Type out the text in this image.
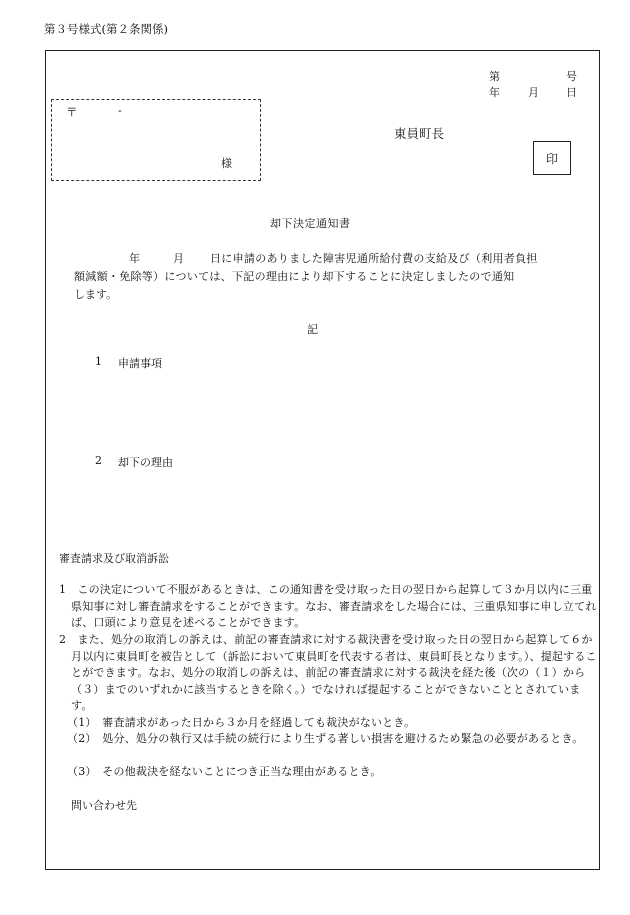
第３号様式(第２条関係)
第	号
年	月 日
〒	-
様
東員町長
印
却下決定通知書
年	月 日に申請のありました障害児通所給付費の支給及び（利用者負担
額減額・免除等）については、下記の理由により却下することに決定しましたので通知
します。
記
1 申請事項
2 却下の理由
審査請求及び取消訴訟
1　この決定について不服があるときは、この通知書を受け取った日の翌日から起算して３か月以内に三重県知事に対し審査請求をすることができます。なお、審査請求をした場合には、三重県知事に申し立てれば、口頭により意見を述べることができます。
2　また、処分の取消しの訴えは、前記の審査請求に対する裁決書を受け取った日の翌日から起算して６か月以内に東員町を被告として（訴訟において東員町を代表する者は、東員町長となります。）、提起することができます。なお、処分の取消しの訴えは、前記の審査請求に対する裁決を経た後（次の（１）から（３）までのいずれかに該当するときを除く。）でなければ提起することができないこととされています。
（1）　審査請求があった日から３か月を経過しても裁決がないとき。
（2）　処分、処分の執行又は手続の続行により生ずる著しい損害を避けるため緊急の必要があるとき。
（3）　その他裁決を経ないことにつき正当な理由があるとき。
問い合わせ先
